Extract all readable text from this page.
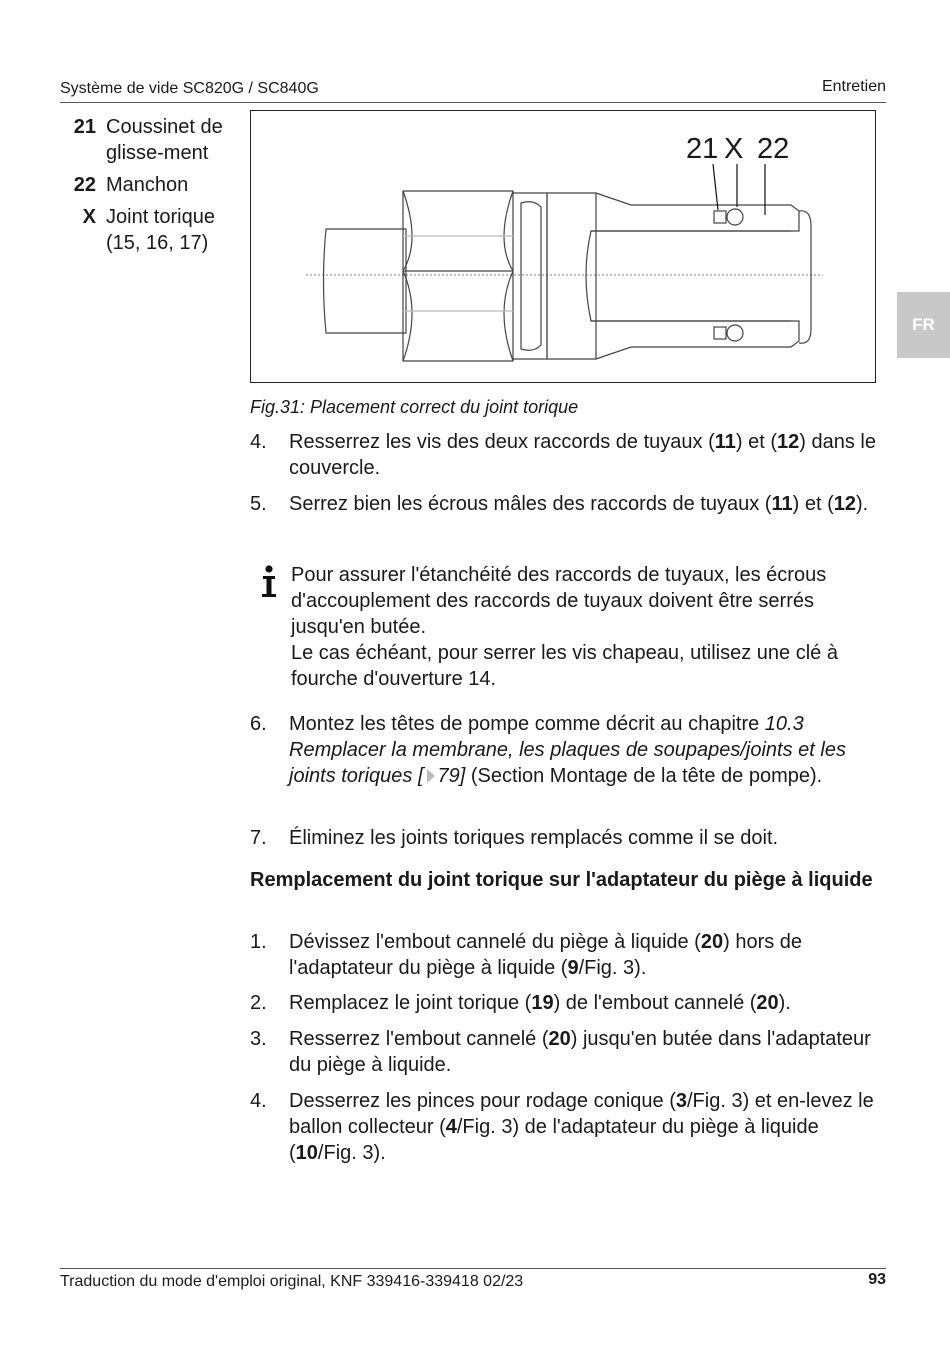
Système de vide SC820G / SC840G	Entretien
FR
21 Coussinet de glisse-ment
22 Manchon
X Joint torique (15, 16, 17)
21 X 22
Fig.31: Placement correct du joint torique
4.	Resserrez les vis des deux raccords de tuyaux (11) et (12) dans le couvercle.
5.	Serrez bien les écrous mâles des raccords de tuyaux (11) et (12).
Pour assurer l'étanchéité des raccords de tuyaux, les écrous d'accouplement des raccords de tuyaux doivent être serrés jusqu'en butée.
Le cas échéant, pour serrer les vis chapeau, utilisez une clé à fourche d'ouverture 14.
6.	Montez les têtes de pompe comme décrit au chapitre 10.3 Remplacer la membrane, les plaques de soupapes/joints et les joints toriques [ 79] (Section Montage de la tête de pompe).
7.	Éliminez les joints toriques remplacés comme il se doit.
Remplacement du joint torique sur l'adaptateur du piège à liquide
1.	Dévissez l'embout cannelé du piège à liquide (20) hors de l'adaptateur du piège à liquide (9/Fig. 3).
2.	Remplacez le joint torique (19) de l'embout cannelé (20).
3.	Resserrez l'embout cannelé (20) jusqu'en butée dans l'adaptateur du piège à liquide.
4.	Desserrez les pinces pour rodage conique (3/Fig. 3) et en-levez le ballon collecteur (4/Fig. 3) de l'adaptateur du piège à liquide (10/Fig. 3).
Traduction du mode d'emploi original, KNF 339416-339418 02/23	93
